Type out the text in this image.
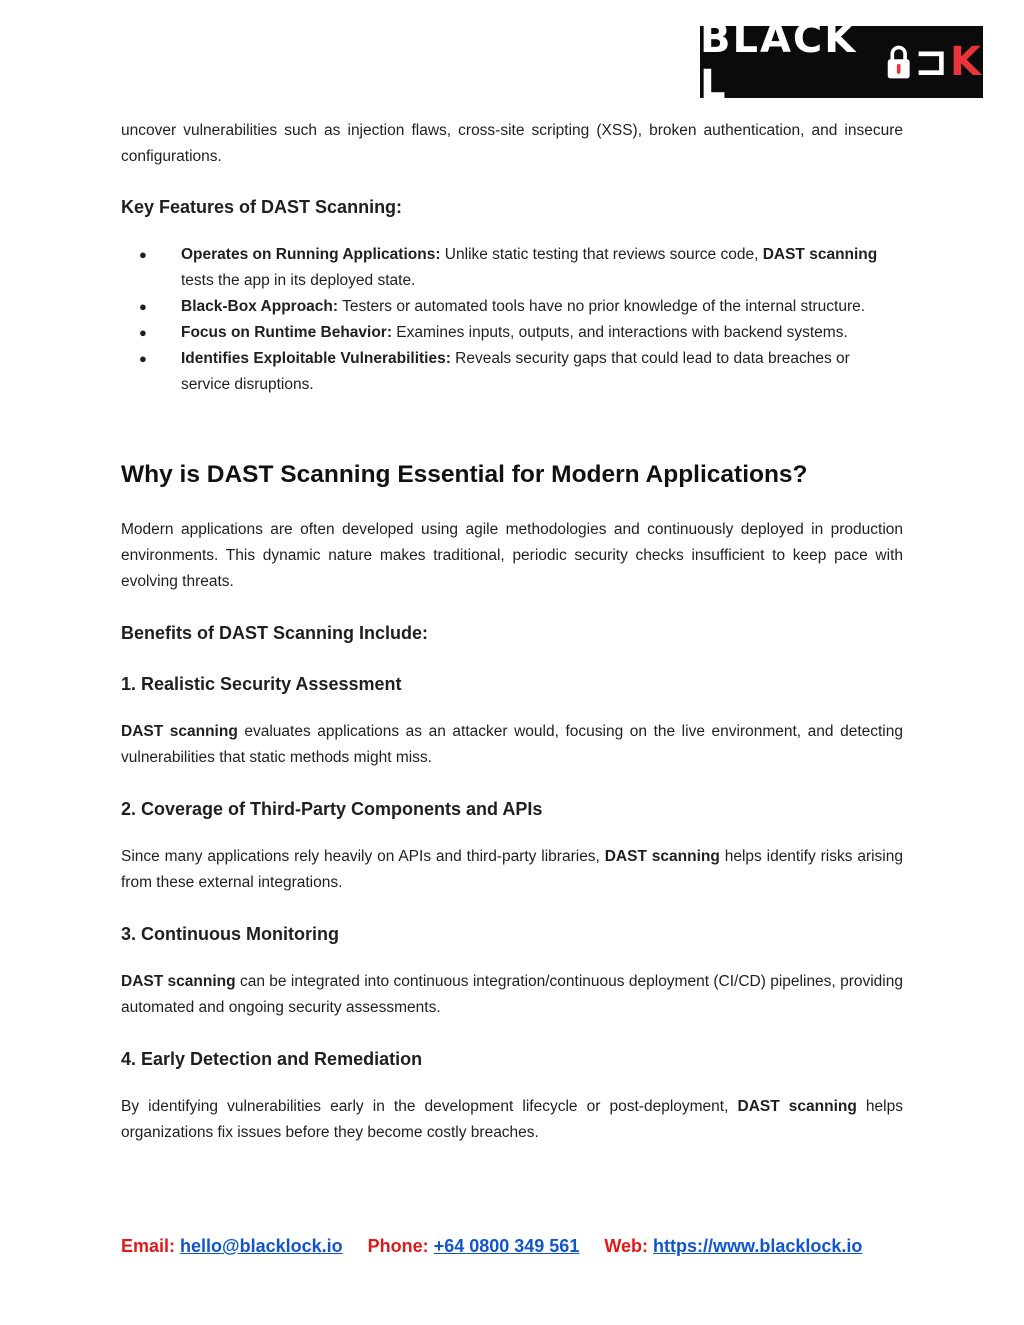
BLACK L	⊐ K

uncover vulnerabilities such as injection flaws, cross-site scripting (XSS), broken authentication, and insecure configurations.

Key Features of DAST Scanning:
● Operates on Running Applications: Unlike static testing that reviews source code, DAST scanning tests the app in its deployed state.
● Black-Box Approach: Testers or automated tools have no prior knowledge of the internal structure.
● Focus on Runtime Behavior: Examines inputs, outputs, and interactions with backend systems.
● Identifies Exploitable Vulnerabilities: Reveals security gaps that could lead to data breaches or service disruptions.
Why is DAST Scanning Essential for Modern Applications?

Modern applications are often developed using agile methodologies and continuously deployed in production environments. This dynamic nature makes traditional, periodic security checks insufficient to keep pace with evolving threats.

Benefits of DAST Scanning Include:
1. Realistic Security Assessment

DAST scanning evaluates applications as an attacker would, focusing on the live environment, and detecting vulnerabilities that static methods might miss.

2. Coverage of Third-Party Components and APIs

Since many applications rely heavily on APIs and third-party libraries, DAST scanning helps identify risks arising from these external integrations.

3. Continuous Monitoring

DAST scanning can be integrated into continuous integration/continuous deployment (CI/CD) pipelines, providing automated and ongoing security assessments.

4. Early Detection and Remediation

By identifying vulnerabilities early in the development lifecycle or post-deployment, DAST scanning helps organizations fix issues before they become costly breaches.

Email: hello@blacklock.io Phone: +64 0800 349 561 Web: https://www.blacklock.io
